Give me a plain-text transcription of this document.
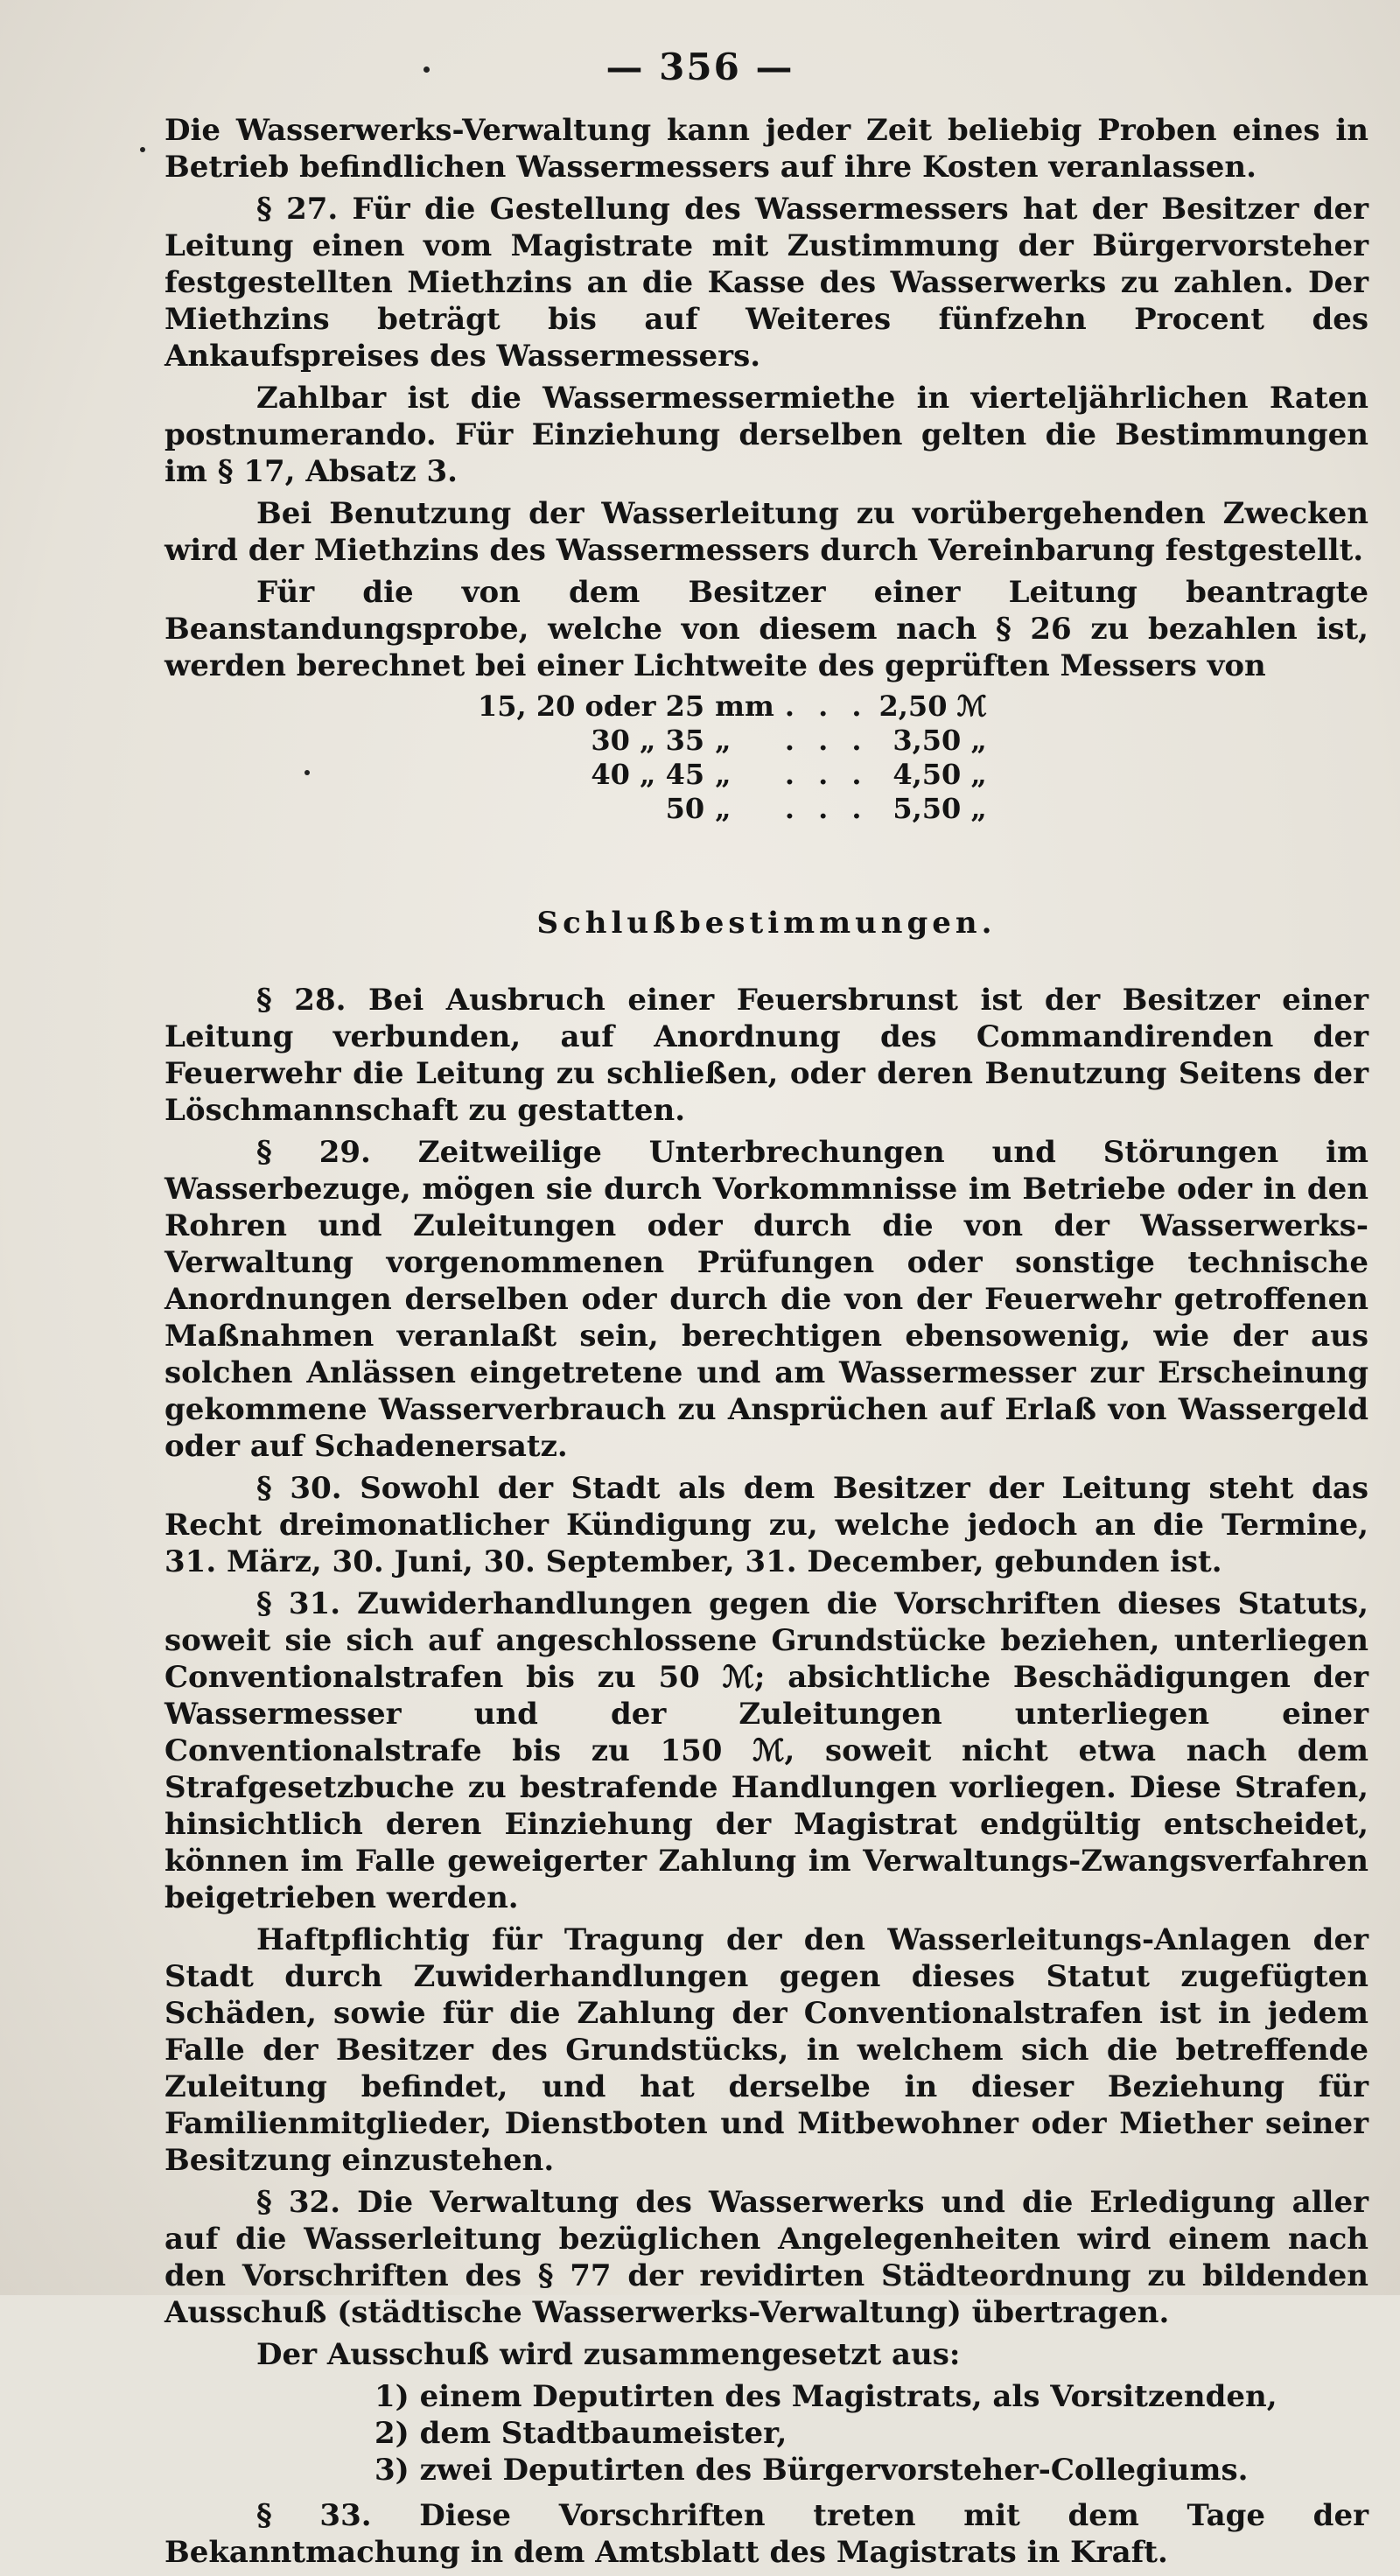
— 356 —

Die Wasserwerks-Verwaltung kann jeder Zeit beliebig Proben eines in Betrieb befindlichen Wassermessers auf ihre Kosten veranlassen.

§ 27. Für die Gestellung des Wassermessers hat der Besitzer der Leitung einen vom Magistrate mit Zustimmung der Bürgervorsteher festgestellten Miethzins an die Kasse des Wasserwerks zu zahlen. Der Miethzins beträgt bis auf Weiteres fünfzehn Procent des Ankaufspreises des Wassermessers.

Zahlbar ist die Wassermessermiethe in vierteljährlichen Raten postnumerando. Für Einziehung derselben gelten die Bestimmungen im § 17, Absatz 3.

Bei Benutzung der Wasserleitung zu vorübergehenden Zwecken wird der Miethzins des Wassermessers durch Vereinbarung festgestellt.

Für die von dem Besitzer einer Leitung beantragte Beanstandungsprobe, welche von diesem nach § 26 zu bezahlen ist, werden berechnet bei einer Lichtweite des geprüften Messers von

15, 20 oder 25	mm	. . .	2,50 ℳ
30 „ 35	„	. . .	3,50 „
40 „ 45	„	. . .	4,50 „
50	„	. . .	5,50 „
Schlußbestimmungen.

§ 28. Bei Ausbruch einer Feuersbrunst ist der Besitzer einer Leitung verbunden, auf Anordnung des Commandirenden der Feuerwehr die Leitung zu schließen, oder deren Benutzung Seitens der Löschmannschaft zu gestatten.

§ 29. Zeitweilige Unterbrechungen und Störungen im Wasserbezuge, mögen sie durch Vorkommnisse im Betriebe oder in den Rohren und Zuleitungen oder durch die von der Wasserwerks-Verwaltung vorgenommenen Prüfungen oder sonstige technische Anordnungen derselben oder durch die von der Feuerwehr getroffenen Maßnahmen veranlaßt sein, berechtigen ebensowenig, wie der aus solchen Anlässen eingetretene und am Wassermesser zur Erscheinung gekommene Wasserverbrauch zu Ansprüchen auf Erlaß von Wassergeld oder auf Schadenersatz.

§ 30. Sowohl der Stadt als dem Besitzer der Leitung steht das Recht dreimonatlicher Kündigung zu, welche jedoch an die Termine, 31. März, 30. Juni, 30. September, 31. December, gebunden ist.

§ 31. Zuwiderhandlungen gegen die Vorschriften dieses Statuts, soweit sie sich auf angeschlossene Grundstücke beziehen, unterliegen Conventionalstrafen bis zu 50 ℳ; absichtliche Beschädigungen der Wassermesser und der Zuleitungen unterliegen einer Conventionalstrafe bis zu 150 ℳ, soweit nicht etwa nach dem Strafgesetzbuche zu bestrafende Handlungen vorliegen. Diese Strafen, hinsichtlich deren Einziehung der Magistrat endgültig entscheidet, können im Falle geweigerter Zahlung im Verwaltungs-Zwangsverfahren beigetrieben werden.

Haftpflichtig für Tragung der den Wasserleitungs-Anlagen der Stadt durch Zuwiderhandlungen gegen dieses Statut zugefügten Schäden, sowie für die Zahlung der Conventionalstrafen ist in jedem Falle der Besitzer des Grundstücks, in welchem sich die betreffende Zuleitung befindet, und hat derselbe in dieser Beziehung für Familienmitglieder, Dienstboten und Mitbewohner oder Miether seiner Besitzung einzustehen.

§ 32. Die Verwaltung des Wasserwerks und die Erledigung aller auf die Wasserleitung bezüglichen Angelegenheiten wird einem nach den Vorschriften des § 77 der revidirten Städteordnung zu bildenden Ausschuß (städtische Wasserwerks-Verwaltung) übertragen.

Der Ausschuß wird zusammengesetzt aus:

1) einem Deputirten des Magistrats, als Vorsitzenden,
2) dem Stadtbaumeister,
3) zwei Deputirten des Bürgervorsteher-Collegiums.

§ 33. Diese Vorschriften treten mit dem Tage der Bekanntmachung in dem Amtsblatt des Magistrats in Kraft.
